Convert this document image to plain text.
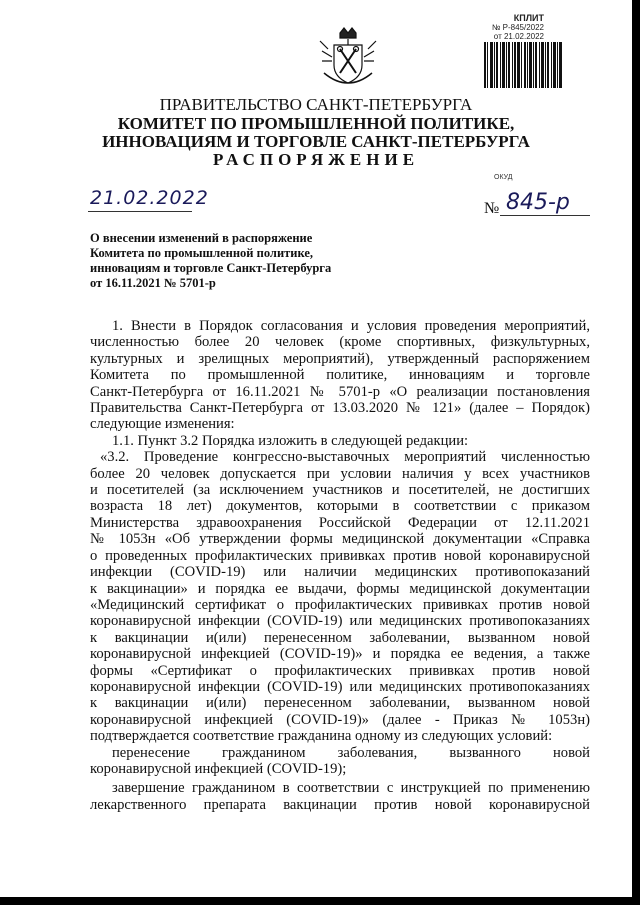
КПЛИТ
№ Р-845/2022
от 21.02.2022
ПРАВИТЕЛЬСТВО САНКТ-ПЕТЕРБУРГА
КОМИТЕТ ПО ПРОМЫШЛЕННОЙ ПОЛИТИКЕ,
ИННОВАЦИЯМ И ТОРГОВЛЕ САНКТ-ПЕТЕРБУРГА
РАСПОРЯЖЕНИЕ
ОКУД
21.02.2022	№ 845-р
О внесении изменений в распоряжение
Комитета по промышленной политике,
инновациям и торговле Санкт-Петербурга
от 16.11.2021 № 5701-р
1. Внести в Порядок согласования и условия проведения мероприятий,
численностью более 20 человек (кроме спортивных, физкультурных,
культурных и зрелищных мероприятий), утвержденный распоряжением
Комитета по промышленной политике, инновациям и торговле
Санкт-Петербурга от 16.11.2021 № 5701-р «О реализации постановления
Правительства Санкт-Петербурга от 13.03.2020 № 121» (далее – Порядок)
следующие изменения:
1.1. Пункт 3.2 Порядка изложить в следующей редакции:
«3.2. Проведение конгрессно-выставочных мероприятий численностью
более 20 человек допускается при условии наличия у всех участников
и посетителей (за исключением участников и посетителей, не достигших
возраста 18 лет) документов, которыми в соответствии с приказом
Министерства здравоохранения Российской Федерации от 12.11.2021
№ 1053н «Об утверждении формы медицинской документации «Справка
о проведенных профилактических прививках против новой коронавирусной
инфекции (COVID-19) или наличии медицинских противопоказаний
к вакцинации» и порядка ее выдачи, формы медицинской документации
«Медицинский сертификат о профилактических прививках против новой
коронавирусной инфекции (COVID-19) или медицинских противопоказаниях
к вакцинации и(или) перенесенном заболевании, вызванном новой
коронавирусной инфекцией (COVID-19)» и порядка ее ведения, а также
формы «Сертификат о профилактических прививках против новой
коронавирусной инфекции (COVID-19) или медицинских противопоказаниях
к вакцинации и(или) перенесенном заболевании, вызванном новой
коронавирусной инфекцией (COVID-19)» (далее - Приказ № 1053н)
подтверждается соответствие гражданина одному из следующих условий:
перенесение гражданином заболевания, вызванного новой
коронавирусной инфекцией (COVID-19);
завершение гражданином в соответствии с инструкцией по применению
лекарственного препарата вакцинации против новой коронавирусной
